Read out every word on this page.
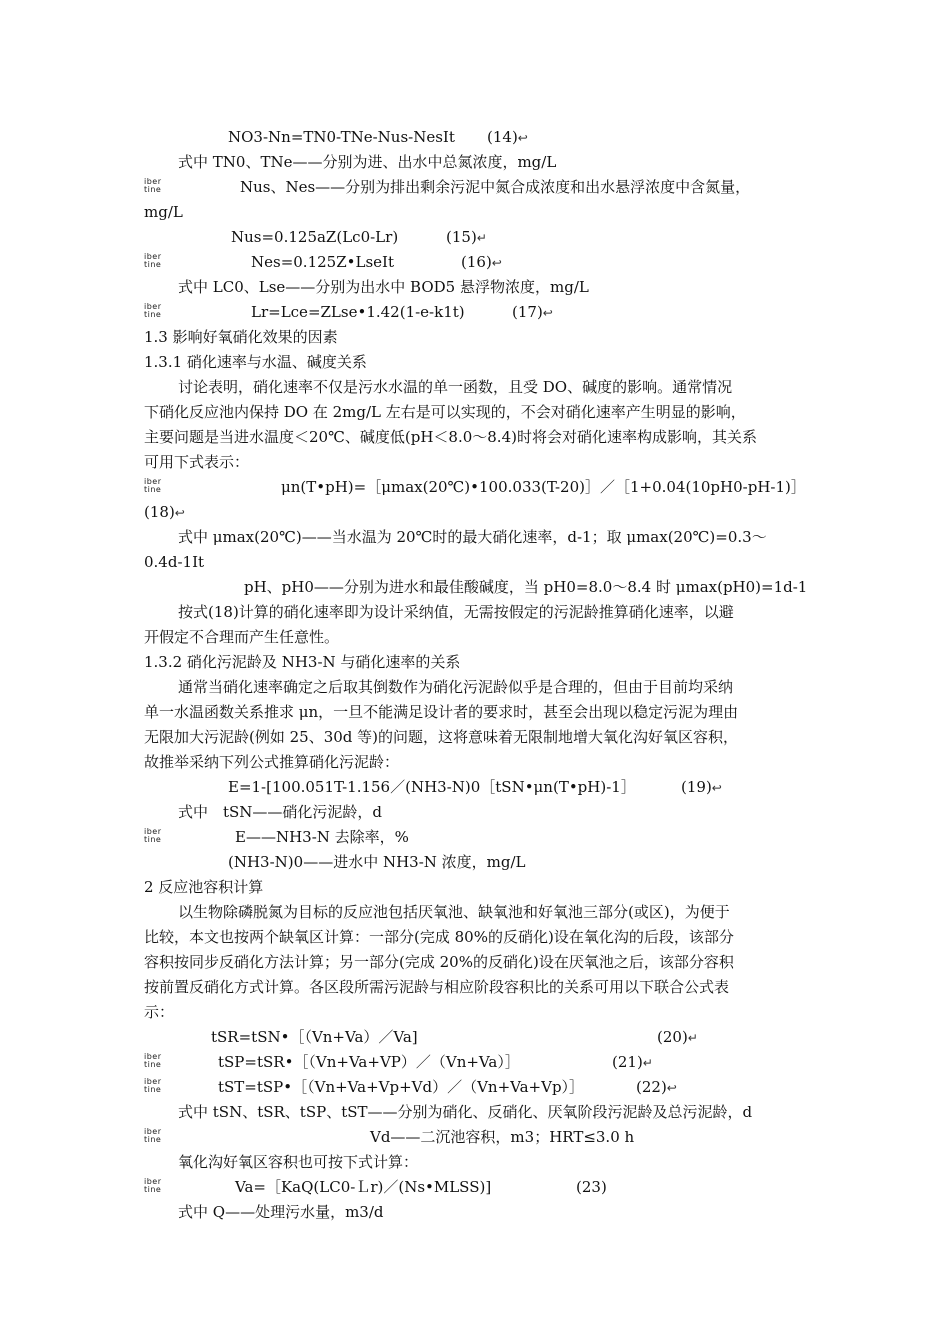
NO3-Nn=TN0-TNe-Nus-NesⅠt (14)↩
式中 TN0、TNe——分别为进、出水中总氮浓度，mg/L
iber
tine	Nus、Nes——分别为排出剩余污泥中氮合成浓度和出水悬浮浓度中含氮量，
mg/L
Nus=0.125aZ(Lc0-Lr)	(15)↵
iber
tine	Nes=0.125Z•LseⅠt	(16)↩
式中 LC0、Lse——分别为出水中 BOD5 悬浮物浓度，mg/L
iber
tine	Lr=Lce=ZLse•1.42(1-e-k1t)	(17)↩
1.3 影响好氧硝化效果的因素
1.3.1 硝化速率与水温、碱度关系
讨论表明，硝化速率不仅是污水水温的单一函数，且受 DO、碱度的影响。通常情况
下硝化反应池内保持 DO 在 2mg/L 左右是可以实现的，不会对硝化速率产生明显的影响，
主要问题是当进水温度＜20℃、碱度低(pH＜8.0～8.4)时将会对硝化速率构成影响，其关系
可用下式表示：
iber
tine	μn(T•pH)=［μmax(20℃)•100.033(T-20)］／［1+0.04(10pH0-pH-1)］
(18)↩
式中 μmax(20℃)——当水温为 20℃时的最大硝化速率，d-1；取 μmax(20℃)=0.3～
0.4d-1Ⅰt
pH、pH0——分别为进水和最佳酸碱度，当 pH0=8.0～8.4 时 μmax(pH0)=1d-1
按式(18)计算的硝化速率即为设计采纳值，无需按假定的污泥龄推算硝化速率，以避
开假定不合理而产生任意性。
1.3.2 硝化污泥龄及 NH3-N 与硝化速率的关系
通常当硝化速率确定之后取其倒数作为硝化污泥龄似乎是合理的，但由于目前均采纳
单一水温函数关系推求 μn，一旦不能满足设计者的要求时，甚至会出现以稳定污泥为理由
无限加大污泥龄(例如 25、30d 等)的问题，这将意味着无限制地增大氧化沟好氧区容积，
故推举采纳下列公式推算硝化污泥龄：
E=1-[100.051T-1.156／(NH3-N)0［tSN•μn(T•pH)-1］	(19)↩
式中　tSN——硝化污泥龄，d
iber
tine	E——NH3-N 去除率，%
(NH3-N)0——进水中 NH3-N 浓度，mg/L
2 反应池容积计算
以生物除磷脱氮为目标的反应池包括厌氧池、缺氧池和好氧池三部分(或区)，为便于
比较，本文也按两个缺氧区计算：一部分(完成 80%的反硝化)设在氧化沟的后段，该部分
容积按同步反硝化方法计算；另一部分(完成 20%的反硝化)设在厌氧池之后，该部分容积
按前置反硝化方式计算。各区段所需污泥龄与相应阶段容积比的关系可用以下联合公式表
示：
tSR=tSN•［（Vn+Va）／Va]	(20)↵
iber
tine	tSP=tSR•［（Vn+Va+VP）／（Vn+Va）］	(21)↵
iber
tine	tST=tSP•［（Vn+Va+Vp+Vd）／（Vn+Va+Vp）］	(22)↩
式中 tSN、tSR、tSP、tST——分别为硝化、反硝化、厌氧阶段污泥龄及总污泥龄，d
iber
tine	Vd——二沉池容积，m3；HRT≤3.0 h
氧化沟好氧区容积也可按下式计算：
iber
tine	Va=［KaQ(LC0-Ｌr)／(Ns•MLSS)]	(23)
式中 Q——处理污水量，m3/d
